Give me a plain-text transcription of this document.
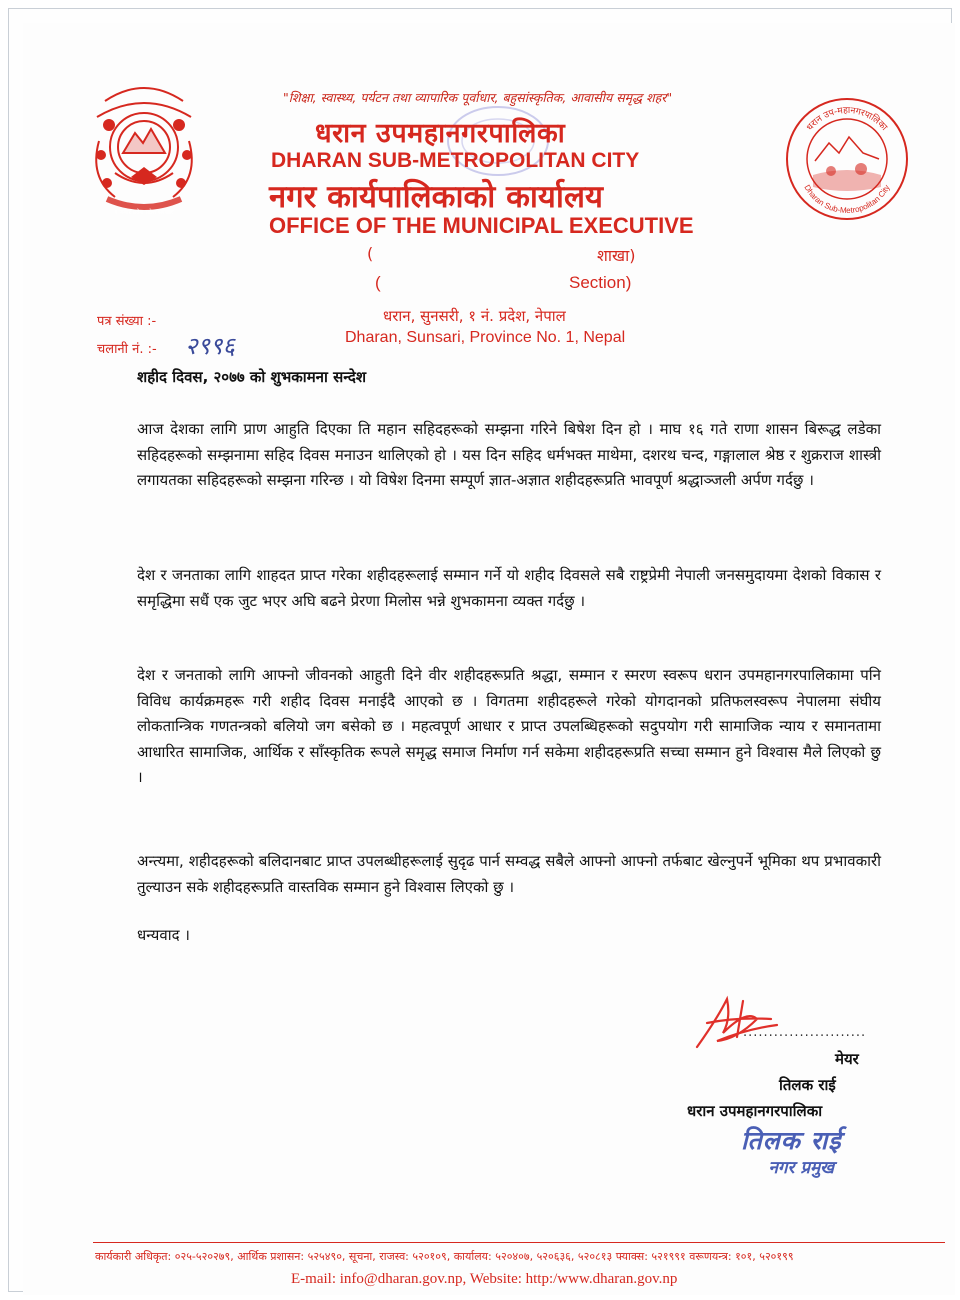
१ नम्बर प्रदेश प्रदेश सरकार
धरान उप-महानगरपालिका
Dharan Sub-Metropolitan City
"शिक्षा, स्वास्थ्य, पर्यटन तथा व्यापारिक पूर्वाधार, बहुसांस्कृतिक, आवासीय समृद्ध शहर"
धरान उपमहानगरपालिका
DHARAN SUB-METROPOLITAN CITY
नगर कार्यपालिकाको कार्यालय
OFFICE OF THE MUNICIPAL EXECUTIVE
(	शाखा)
(	Section)
धरान, सुनसरी, १ नं. प्रदेश, नेपाल
Dharan, Sunsari, Province No. 1, Nepal
पत्र संख्या :-
चलानी नं. :- २९९६

शहीद दिवस, २०७७ को शुभकामना सन्देश

आज देशका लागि प्राण आहुति दिएका ति महान सहिदहरूको सम्झना गरिने बिषेश दिन हो । माघ १६ गते राणा शासन बिरूद्ध लडेका सहिदहरूको सम्झनामा सहिद दिवस मनाउन थालिएको हो । यस दिन सहिद धर्मभक्त माथेमा, दशरथ चन्द, गङ्गालाल श्रेष्ठ र शुक्रराज शास्त्री लगायतका सहिदहरूको सम्झना गरिन्छ । यो विषेश दिनमा सम्पूर्ण ज्ञात-अज्ञात शहीदहरूप्रति भावपूर्ण श्रद्धाञ्जली अर्पण गर्दछु ।

देश र जनताका लागि शाहदत प्राप्त गरेका शहीदहरूलाई सम्मान गर्ने यो शहीद दिवसले सबै राष्ट्रप्रेमी नेपाली जनसमुदायमा देशको विकास र समृद्धिमा सधैं एक जुट भएर अघि बढने प्रेरणा मिलोस भन्ने शुभकामना व्यक्त गर्दछु ।

देश र जनताको लागि आफ्नो जीवनको आहुती दिने वीर शहीदहरूप्रति श्रद्धा, सम्मान र स्मरण स्वरूप धरान उपमहानगरपालिकामा पनि विविध कार्यक्रमहरू गरी शहीद दिवस मनाईदै आएको छ । विगतमा शहीदहरूले गरेको योगदानको प्रतिफलस्वरूप नेपालमा संघीय लोकतान्त्रिक गणतन्त्रको बलियो जग बसेको छ । महत्वपूर्ण आधार र प्राप्त उपलब्धिहरूको सदुपयोग गरी सामाजिक न्याय र समानतामा आधारित सामाजिक, आर्थिक र साँस्कृतिक रूपले समृद्ध समाज निर्माण गर्न सकेमा शहीदहरूप्रति सच्चा सम्मान हुने विश्वास मैले लिएको छु ।

अन्त्यमा, शहीदहरूको बलिदानबाट प्राप्त उपलब्धीहरूलाई सुदृढ पार्न सम्वद्ध सबैले आफ्नो आफ्नो तर्फबाट खेल्नुपर्ने भूमिका थप प्रभावकारी तुल्याउन सके शहीदहरूप्रति वास्तविक सम्मान हुने विश्वास लिएको छु ।

धन्यवाद ।
........................
मेयर
तिलक राई
धरान उपमहानगरपालिका
तिलक राई
नगर प्रमुख
कार्यकारी अधिकृत: ०२५-५२०२७९, आर्थिक प्रशासन: ५२५४९०, सूचना, राजस्व: ५२०१०९, कार्यालय: ५२०४०७, ५२०६३६, ५२०८१३ फ्याक्स: ५२१९९१ वरूणयन्त्र: १०१, ५२०१९९
E-mail: info@dharan.gov.np, Website: http:/www.dharan.gov.np
